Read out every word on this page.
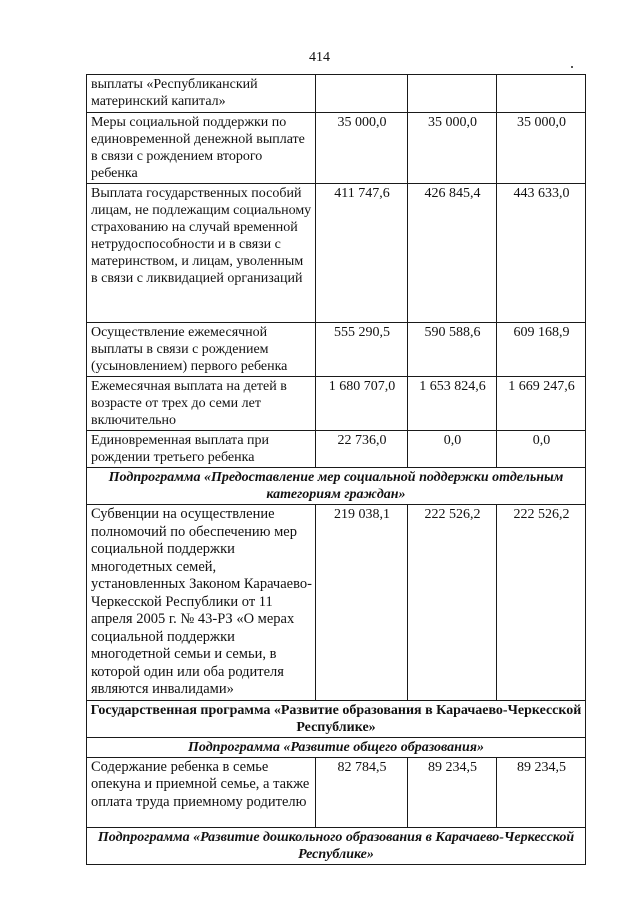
414
выплаты «Республиканский материнский капитал»			
Меры социальной поддержки по единовременной денежной выплате в связи с рождением второго ребенка	35 000,0	35 000,0	35 000,0
Выплата государственных пособий лицам, не подлежащим социальному страхованию на случай временной нетрудоспособности и в связи с материнством, и лицам, уволенным в связи с ликвидацией организаций	411 747,6	426 845,4	443 633,0
Осуществление ежемесячной выплаты в связи с рождением (усыновлением) первого ребенка	555 290,5	590 588,6	609 168,9
Ежемесячная выплата на детей в возрасте от трех до семи лет включительно	1 680 707,0	1 653 824,6	1 669 247,6
Единовременная выплата при рождении третьего ребенка	22 736,0	0,0	0,0
Подпрограмма «Предоставление мер социальной поддержки отдельным категориям граждан»			
Субвенции на осуществление полномочий по обеспечению мер социальной поддержки многодетных семей, установленных Законом Карачаево-Черкесской Республики от 11 апреля 2005 г. № 43-РЗ «О мерах социальной поддержки многодетной семьи и семьи, в которой один или оба родителя являются инвалидами»	219 038,1	222 526,2	222 526,2
Государственная программа «Развитие образования в Карачаево-Черкесской Республике»			
Подпрограмма «Развитие общего образования»			
Содержание ребенка в семье опекуна и приемной семье, а также оплата труда приемному родителю	82 784,5	89 234,5	89 234,5
Подпрограмма «Развитие дошкольного образования в Карачаево-Черкесской Республике»			
